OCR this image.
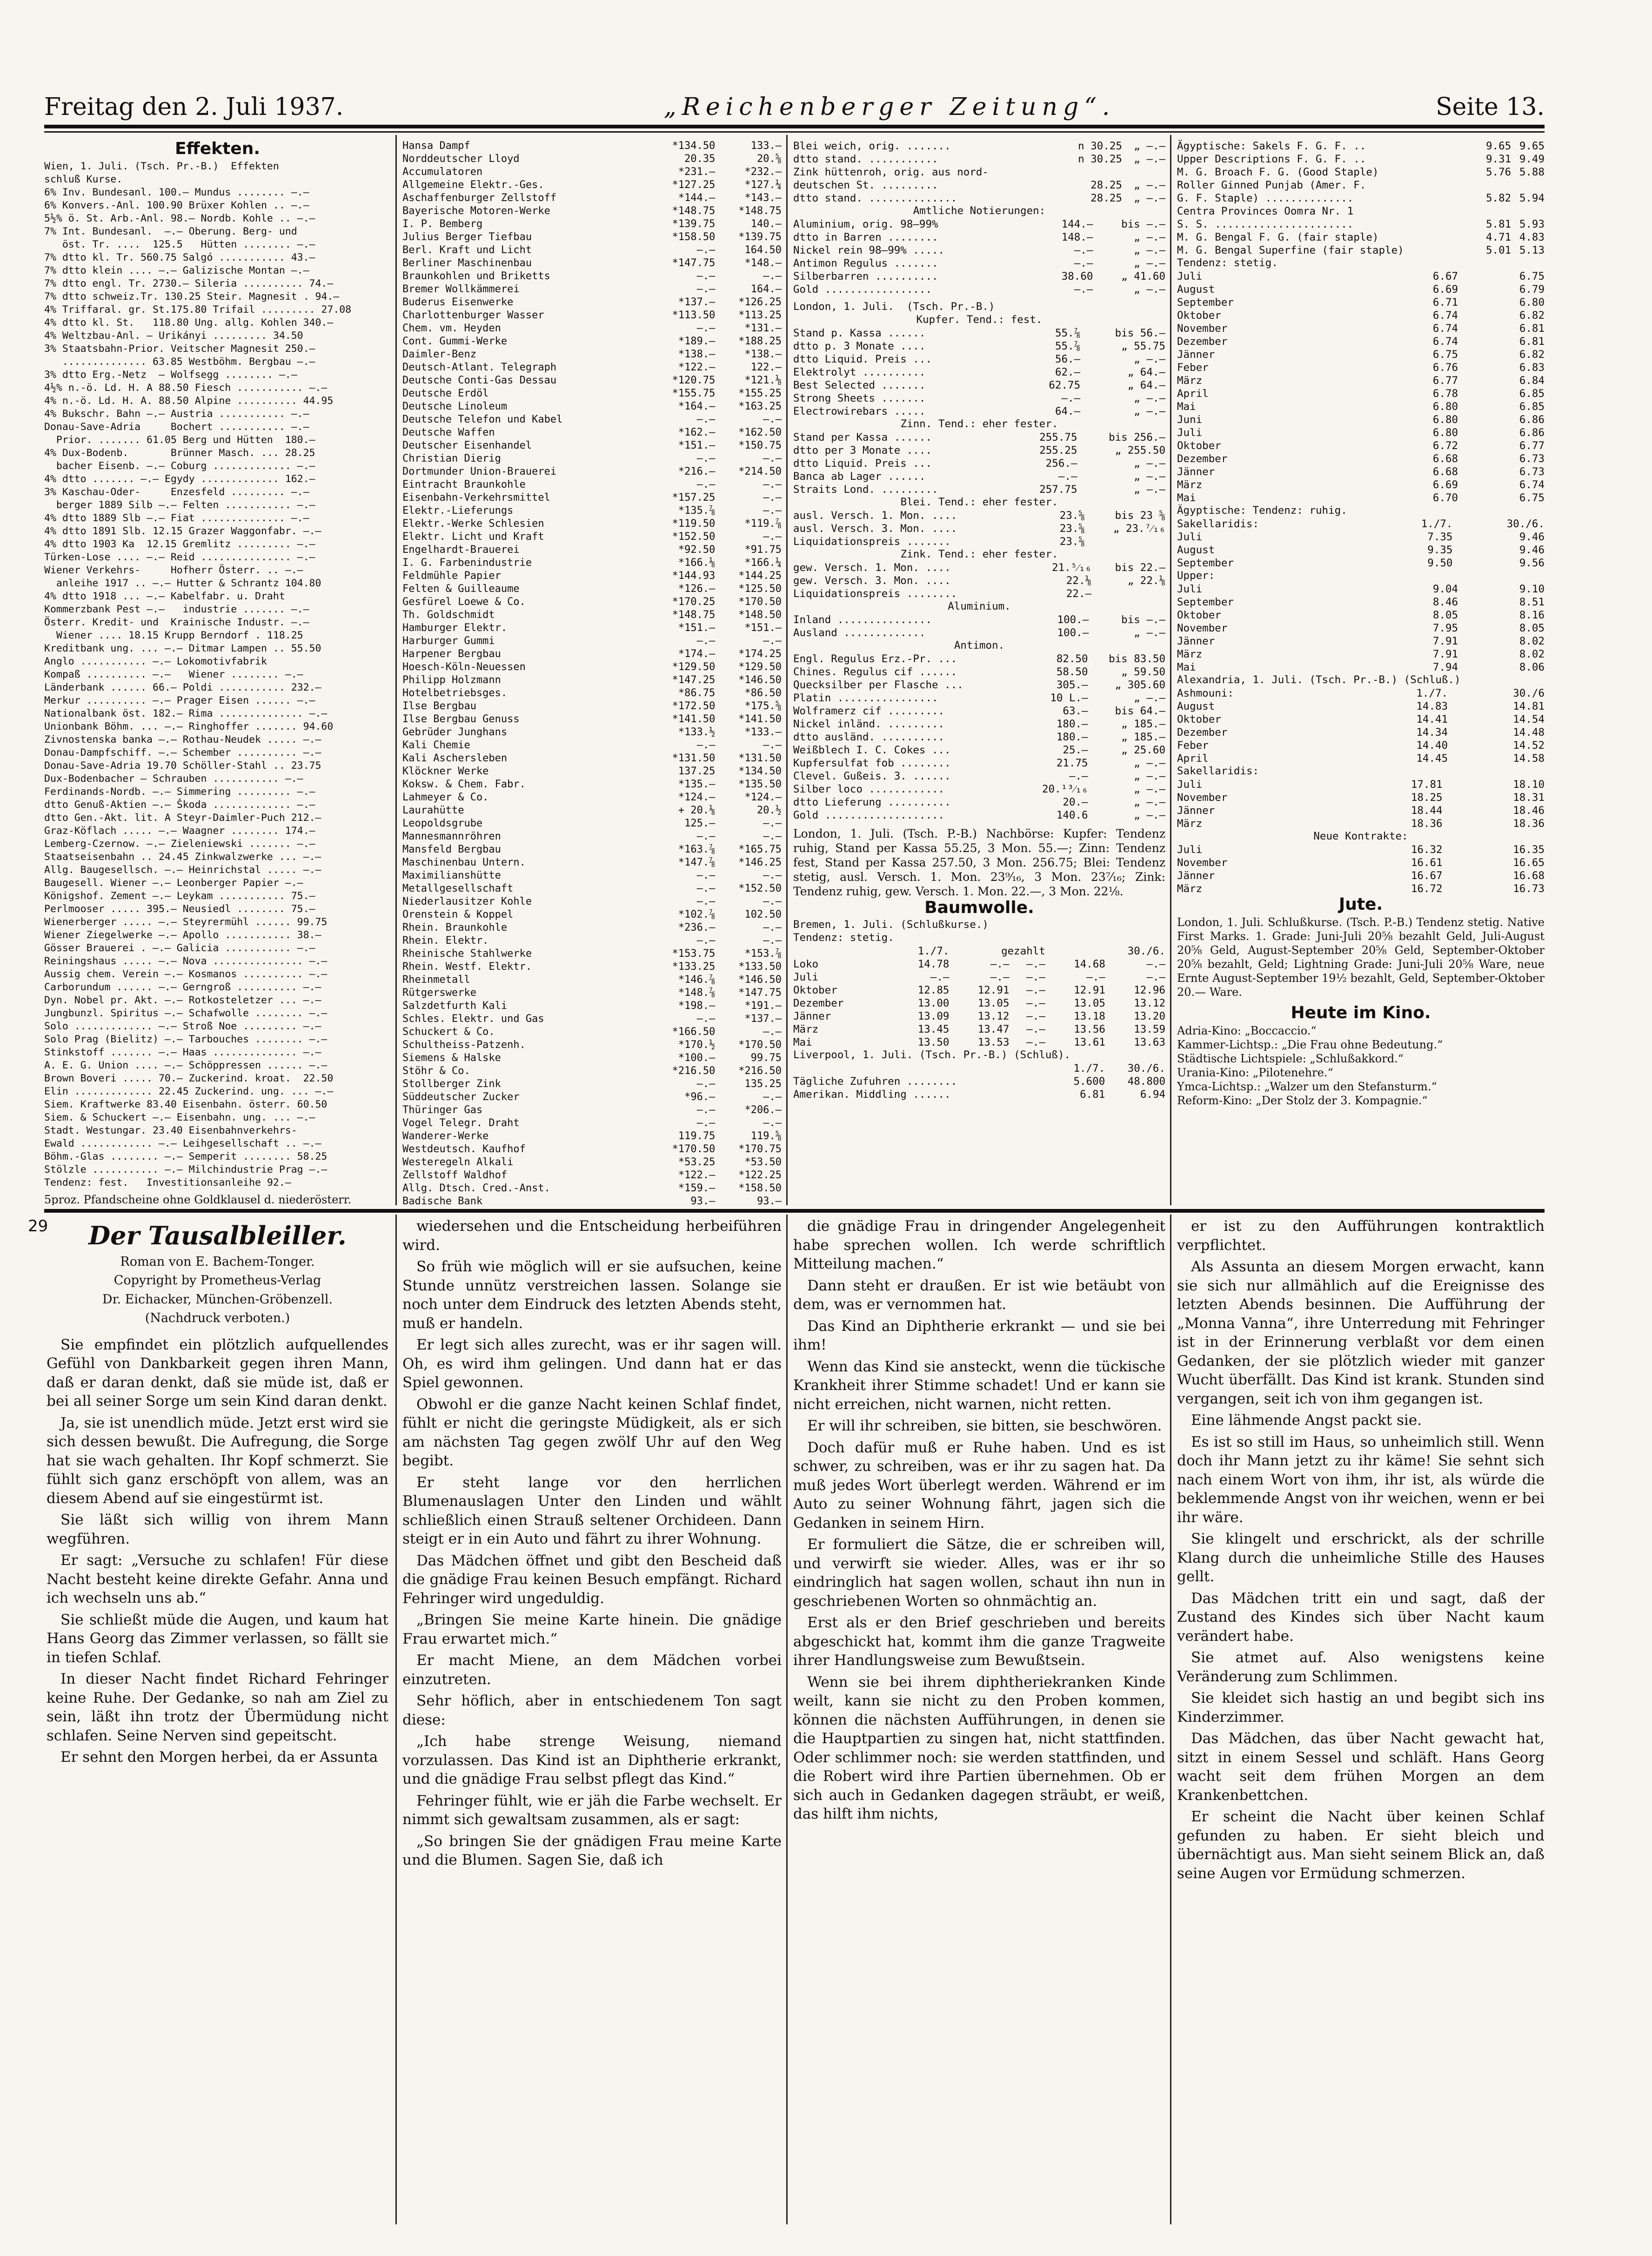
Freitag den 2. Juli 1937.	„Reichenberger Zeitung“.	Seite 13.
Effekten.
Wien, 1. Juli. (Tsch. Pr.-B.)  Effekten
schluß Kurse.
6% Inv. Bundesanl. 100.— Mundus ........ —.—
6% Konvers.-Anl. 100.90 Brüxer Kohlen .. —.—
5½% ö. St. Arb.-Anl. 98.— Nordb. Kohle .. —.—
7% Int. Bundesanl.  —.— Oberung. Berg- und
öst. Tr. ....  125.5   Hütten ........ —.—
7% dtto kl. Tr. 560.75 Salgó ........... 43.—
7% dtto klein .... —.— Galizische Montan —.—
7% dtto engl. Tr. 2730.— Sileria .......... 74.—
7% dtto schweiz.Tr. 130.25 Steir. Magnesit . 94.—
4% Triffaral. gr. St.175.80 Trifail ......... 27.08
4% dtto kl. St.   118.80 Ung. allg. Kohlen 340.—
4% Weltzbau-Anl. — Urikányi ......... 34.50
3% Staatsbahn-Prior. Veitscher Magnesit 250.—
.............. 63.85 Westböhm. Bergbau —.—
3% dtto Erg.-Netz  — Wolfsegg ........ —.—
4½% n.-ö. Ld. H. A 88.50 Fiesch ........... —.—
4% n.-ö. Ld. H. A. 88.50 Alpine .......... 44.95
4% Bukschr. Bahn —.— Austria ........... —.—
Donau-Save-Adria     Bochert ........... —.—
Prior. ....... 61.05 Berg und Hütten  180.—
4% Dux-Bodenb.       Brünner Masch. ... 28.25
bacher Eisenb. —.— Coburg ............. —.—
4% dtto ....... —.— Egydy ............. 162.—
3% Kaschau-Oder-     Enzesfeld ......... —.—
berger 1889 Silb —.— Felten ........... —.—
4% dtto 1889 Slb —.— Fiat .............. —.—
4% dtto 1891 Slb. 12.15 Grazer Waggonfabr. —.—
4% dtto 1903 Ka  12.15 Gremlitz ......... —.—
Türken-Lose .... —.— Reid ............... —.—
Wiener Verkehrs-     Hofherr Österr. .. —.—
anleihe 1917 .. —.— Hutter & Schrantz 104.80
4% dtto 1918 ... —.— Kabelfabr. u. Draht
Kommerzbank Pest —.—   industrie ....... —.—
Österr. Kredit- und  Krainische Industr. —.—
Wiener .... 18.15 Krupp Berndorf . 118.25
Kreditbank ung. ... —.— Ditmar Lampen .. 55.50
Anglo ........... —.— Lokomotivfabrik
Kompaß .......... —.—   Wiener ........ —.—
Länderbank ...... 66.— Poldi ........... 232.—
Merkur .......... —.— Prager Eisen ...... —.—
Nationalbank öst. 182.— Rima .............. —.—
Unionbank Böhm. ... —.— Ringhoffer ....... 94.60
Zivnostenska banka —.— Rothau-Neudek ..... —.—
Donau-Dampfschiff. —.— Schember .......... —.—
Donau-Save-Adria 19.70 Schöller-Stahl .. 23.75
Dux-Bodenbacher — Schrauben ........... —.—
Ferdinands-Nordb. —.— Simmering ......... —.—
dtto Genuß-Aktien —.— Škoda ............. —.—
dtto Gen.-Akt. lit. A Steyr-Daimler-Puch 212.—
Graz-Köflach ..... —.— Waagner ........ 174.—
Lemberg-Czernow. —.— Zieleniewski ....... —.—
Staatseisenbahn .. 24.45 Zinkwalzwerke ... —.—
Allg. Baugesellsch. —.— Heinrichstal ..... —.—
Baugesell. Wiener —.— Leonberger Papier —.—
Königshof. Zement —.— Leykam ........... 75.—
Perlmooser ..... 395.— Neusiedl ........ 75.—
Wienerberger ..... —.— Steyrermühl ...... 99.75
Wiener Ziegelwerke —.— Apollo ........... 38.—
Gösser Brauerei . —.— Galicia ........... —.—
Reiningshaus ..... —.— Nova ............... —.—
Aussig chem. Verein —.— Kosmanos .......... —.—
Carborundum ...... —.— Gerngroß .......... —.—
Dyn. Nobel pr. Akt. —.— Rotkosteletzer ... —.—
Jungbunzl. Spiritus —.— Schafwolle ........ —.—
Solo ............. —.— Stroß Noe ......... —.—
Solo Prag (Bielitz) —.— Tarbouches ........ —.—
Stinkstoff ....... —.— Haas .............. —.—
A. E. G. Union .... —.— Schöppressen ...... —.—
Brown Boveri ..... 70.— Zuckerind. kroat.  22.50
Elin ............. 22.45 Zuckerind. ung. ... —.—
Siem. Kraftwerke 83.40 Eisenbahn. österr. 60.50
Siem. & Schuckert —.— Eisenbahn. ung. ... —.—
Stadt. Westungar. 23.40 Eisenbahnverkehrs-
Ewald ............ —.— Leihgesellschaft .. —.—
Böhm.-Glas ........ —.— Semperit ........ 58.25
Stölzle ........... —.— Milchindustrie Prag —.—
Tendenz: fest.   Investitionsanleihe 92.—
5proz. Pfandscheine ohne Goldklausel d. niederösterr.

Hansa Dampf	*134.50	133.—
Norddeutscher Lloyd	20.35	20.⅝
Accumulatoren	*231.—	*232.—
Allgemeine Elektr.-Ges.	*127.25	*127.¼
Aschaffenburger Zellstoff	*144.—	*143.—
Bayerische Motoren-Werke	*148.75	*148.75
I. P. Bemberg	*139.75	140.—
Julius Berger Tiefbau	*158.50	*139.75
Berl. Kraft und Licht	—.—	164.50
Berliner Maschinenbau	*147.75	*148.—
Braunkohlen und Briketts	—.—	—.—
Bremer Wollkämmerei	—.—	164.—
Buderus Eisenwerke	*137.—	*126.25
Charlottenburger Wasser	*113.50	*113.25
Chem. vm. Heyden	—.—	*131.—
Cont. Gummi-Werke	*189.—	*188.25
Daimler-Benz	*138.—	*138.—
Deutsch-Atlant. Telegraph	*122.—	122.—
Deutsche Conti-Gas Dessau	*120.75	*121.⅛
Deutsche Erdöl	*155.75	*155.25
Deutsche Linoleum	*164.—	*163.25
Deutsche Telefon und Kabel	—.—	—.—
Deutsche Waffen	*162.—	*162.50
Deutscher Eisenhandel	*151.—	*150.75
Christian Dierig	—.—	—.—
Dortmunder Union-Brauerei	*216.—	*214.50
Eintracht Braunkohle	—.—	—.—
Eisenbahn-Verkehrsmittel	*157.25	—.—
Elektr.-Lieferungs	*135.⅞	—.—
Elektr.-Werke Schlesien	*119.50	*119.⅞
Elektr. Licht und Kraft	*152.50	—.—
Engelhardt-Brauerei	*92.50	*91.75
I. G. Farbenindustrie	*166.⅛	*166.¼
Feldmühle Papier	*144.93	*144.25
Felten & Guilleaume	*126.—	*125.50
Gesfürel Loewe & Co.	*170.25	*170.50
Th. Goldschmidt	*148.75	*148.50
Hamburger Elektr.	*151.—	*151.—
Harburger Gummi	—.—	—.—
Harpener Bergbau	*174.—	*174.25
Hoesch-Köln-Neuessen	*129.50	*129.50
Philipp Holzmann	*147.25	*146.50
Hotelbetriebsges.	*86.75	*86.50
Ilse Bergbau	*172.50	*175.⅝
Ilse Bergbau Genuss	*141.50	*141.50
Gebrüder Junghans	*133.½	*133.—
Kali Chemie	—.—	—.—
Kali Aschersleben	*131.50	*131.50
Klöckner Werke	137.25	*134.50
Koksw. & Chem. Fabr.	*135.—	*135.50
Lahmeyer & Co.	*124.—	*124.—
Laurahütte	+ 20.⅛	20.½
Leopoldsgrube	125.—	—.—
Mannesmannröhren	—.—	—.—
Mansfeld Bergbau	*163.⅞	*165.75
Maschinenbau Untern.	*147.⅞	*146.25
Maximilianshütte	—.—	—.—
Metallgesellschaft	—.—	*152.50
Niederlausitzer Kohle	—.—	—.—
Orenstein & Koppel	*102.⅞	102.50
Rhein. Braunkohle	*236.—	—.—
Rhein. Elektr.	—.—	—.—
Rheinische Stahlwerke	*153.75	*153.⅞
Rhein. Westf. Elektr.	*133.25	*133.50
Rheinmetall	*146.⅞	*146.50
Rütgerswerke	*148.⅞	*147.75
Salzdetfurth Kali	*198.—	*191.—
Schles. Elektr. und Gas	—.—	*137.—
Schuckert & Co.	*166.50	—.—
Schultheiss-Patzenh.	*170.½	*170.50
Siemens & Halske	*100.—	99.75
Stöhr & Co.	*216.50	*216.50
Stollberger Zink	—.—	135.25
Süddeutscher Zucker	*96.—	—.—
Thüringer Gas	—.—	*206.—
Vogel Telegr. Draht	—.—	—.—
Wanderer-Werke	119.75	119.⅝
Westdeutsch. Kaufhof	*170.50	*170.75
Westeregeln Alkali	*53.25	*53.50
Zellstoff Waldhof	*122.—	*122.25
Allg. Dtsch. Cred.-Anst.	*159.—	*158.50
Badische Bank	93.—	93.—

Blei weich, orig. .......	n 30.25	„ —.—
dtto stand. ...........	n 30.25	„ —.—
Zink hüttenroh, orig. aus nord-		
deutschen St. .........	28.25	„ —.—
dtto stand. ..............	28.25	„ —.—
Amtliche Notierungen:
Aluminium, orig. 98—99%	144.—	bis —.—
dtto in Barren ........	148.—	„ —.—
Nickel rein 98—99% .....	—.—	„ —.—
Antimon Regulus .......	—.—	„ —.—
Silberbarren ..........	38.60	„ 41.60
Gold .................	—.—	„ —.—
London, 1. Juli.  (Tsch. Pr.-B.)
Kupfer. Tend.: fest.
Stand p. Kassa ......	55.⅞	bis 56.—
dtto p. 3 Monate ....	55.⅞	„ 55.75
dtto Liquid. Preis ...	56.—	„ —.—
Elektrolyt ..........	62.—	„ 64.—
Best Selected .......	62.75	„ 64.—
Strong Sheets .......	—.—	„ —.—
Electrowirebars .....	64.—	„ —.—
Zinn. Tend.: eher fester.
Stand per Kassa ......	255.75	bis 256.—
dtto per 3 Monate ....	255.25	„ 255.50
dtto Liquid. Preis ...	256.—	„ —.—
Banca ab Lager ......	—.—	„ —.—
Straits Lond. .........	257.75	„ —.—
Blei. Tend.: eher fester.
ausl. Versch. 1. Mon. ....	23.⅝	bis 23 ⅝
ausl. Versch. 3. Mon. ....	23.⅝	„ 23.⁷⁄₁₆
Liquidationspreis .......	23.⅝	
Zink. Tend.: eher fester.
gew. Versch. 1. Mon. ....	21.⁵⁄₁₆	bis 22.—
gew. Versch. 3. Mon. ....	22.⅛	„ 22.⅛
Liquidationspreis ........	22.—	
Aluminium.
Inland ...............	100.—	bis —.—
Ausland .............	100.—	„ —.—
Antimon.
Engl. Regulus Erz.-Pr. ...	82.50	bis 83.50
Chines. Regulus cif ......	58.50	„ 59.50
Quecksilber per Flasche ...	305.—	„ 305.60
Platin ................	10 L.—	„ —.—
Wolframerz cif .........	63.—	bis 64.—
Nickel inländ. .........	180.—	„ 185.—
dtto ausländ. ..........	180.—	„ 185.—
Weißblech I. C. Cokes ...	25.—	„ 25.60
Kupfersulfat fob ........	21.75	„ —.—
Clevel. Gußeis. 3. ......	—.—	„ —.—
Silber loco ............	20.¹³⁄₁₆	„ —.—
dtto Lieferung ..........	20.—	„ —.—
Gold ...................	140.6	„ —.—
London, 1. Juli. (Tsch. P.-B.) Nachbörse: Kupfer: Tendenz ruhig, Stand per Kassa 55.25, 3 Mon. 55.—; Zinn: Tendenz fest, Stand per Kassa 257.50, 3 Mon. 256.75; Blei: Tendenz stetig, ausl. Versch. 1. Mon. 23⁹⁄₁₆, 3 Mon. 23⁷⁄₁₆; Zink: Tendenz ruhig, gew. Versch. 1. Mon. 22.—, 3 Mon. 22⅛.
Baumwolle.
Bremen, 1. Juli. (Schlußkurse.)
Tendenz: stetig.
	1./7.	gezahlt		30./6.	
Loko	14.78	—.—	—.—	14.68	—.—
Juli	—.—	—.—	—.—	—.—	—.—
Oktober	12.85	12.91	—.—	12.91	12.96
Dezember	13.00	13.05	—.—	13.05	13.12
Jänner	13.09	13.12	—.—	13.18	13.20
März	13.45	13.47	—.—	13.56	13.59
Mai	13.50	13.53	—.—	13.61	13.63
Liverpool, 1. Juli. (Tsch. Pr.-B.) (Schluß).
	1./7.	30./6.
Tägliche Zufuhren ........	5.600	48.800
Amerikan. Middling ......	6.81	6.94
Ägyptische: Sakels F. G. F. ..	9.65	9.65
Upper Descriptions F. G. F. ..	9.31	9.49
M. G. Broach F. G. (Good Staple)	5.76	5.88
Roller Ginned Punjab (Amer. F.		
G. F. Staple) ..............	5.82	5.94
Centra Provinces Oomra Nr. 1		
S. S. ......................	5.81	5.93
M. G. Bengal F. G. (fair staple)	4.71	4.83
M. G. Bengal Superfine (fair staple)	5.01	5.13
Tendenz: stetig.
Juli	6.67	6.75
August	6.69	6.79
September	6.71	6.80
Oktober	6.74	6.82
November	6.74	6.81
Dezember	6.74	6.81
Jänner	6.75	6.82
Feber	6.76	6.83
März	6.77	6.84
April	6.78	6.85
Mai	6.80	6.85
Juni	6.80	6.86
Juli	6.80	6.86
Oktober	6.72	6.77
Dezember	6.68	6.73
Jänner	6.68	6.73
März	6.69	6.74
Mai	6.70	6.75
Ägyptische: Tendenz: ruhig.
Sakellaridis:	1./7.	30./6.
Juli	7.35	9.46
August	9.35	9.46
September	9.50	9.56
Upper:
Juli	9.04	9.10
September	8.46	8.51
Oktober	8.05	8.16
November	7.95	8.05
Jänner	7.91	8.02
März	7.91	8.02
Mai	7.94	8.06
Alexandria, 1. Juli. (Tsch. Pr.-B.) (Schluß.)
Ashmouni:	1./7.	30./6
August	14.83	14.81
Oktober	14.41	14.54
Dezember	14.34	14.48
Feber	14.40	14.52
April	14.45	14.58
Sakellaridis:
Juli	17.81	18.10
November	18.25	18.31
Jänner	18.44	18.46
März	18.36	18.36
Neue Kontrakte:
Juli	16.32	16.35
November	16.61	16.65
Jänner	16.67	16.68
März	16.72	16.73
Jute.
London, 1. Juli. Schlußkurse. (Tsch. P.-B.) Tendenz stetig. Native First Marks. 1. Grade: Juni-Juli 20⅝ bezahlt Geld, Juli-August 20⅝ Geld, August-September 20⅝ Geld, September-Oktober 20⅝ bezahlt, Geld; Lightning Grade: Juni-Juli 20⅝ Ware, neue Ernte August-September 19½ bezahlt, Geld, September-Oktober 20.— Ware.
Heute im Kino.
Adria-Kino: „Boccaccio.“
Kammer-Lichtsp.: „Die Frau ohne Bedeutung.“
Städtische Lichtspiele: „Schlußakkord.“
Urania-Kino: „Pilotenehre.“
Ymca-Lichtsp.: „Walzer um den Stefansturm.“
Reform-Kino: „Der Stolz der 3. Kompagnie.“
29	Der Tausalbleiller.
Roman von E. Bachem-Tonger.
Copyright by Prometheus-Verlag
Dr. Eichacker, München-Gröbenzell.
(Nachdruck verboten.)

Sie empfindet ein plötzlich aufquellendes Gefühl von Dankbarkeit gegen ihren Mann, daß er daran denkt, daß sie müde ist, daß er bei all seiner Sorge um sein Kind daran denkt.

Ja, sie ist unendlich müde. Jetzt erst wird sie sich dessen bewußt. Die Aufregung, die Sorge hat sie wach gehalten. Ihr Kopf schmerzt. Sie fühlt sich ganz erschöpft von allem, was an diesem Abend auf sie eingestürmt ist.

Sie läßt sich willig von ihrem Mann wegführen.

Er sagt: „Versuche zu schlafen! Für diese Nacht besteht keine direkte Gefahr. Anna und ich wechseln uns ab.“

Sie schließt müde die Augen, und kaum hat Hans Georg das Zimmer verlassen, so fällt sie in tiefen Schlaf.

In dieser Nacht findet Richard Fehringer keine Ruhe. Der Gedanke, so nah am Ziel zu sein, läßt ihn trotz der Übermüdung nicht schlafen. Seine Nerven sind gepeitscht.

Er sehnt den Morgen herbei, da er Assunta

wiedersehen und die Entscheidung herbeiführen wird.

So früh wie möglich will er sie aufsuchen, keine Stunde unnütz verstreichen lassen. Solange sie noch unter dem Eindruck des letzten Abends steht, muß er handeln.

Er legt sich alles zurecht, was er ihr sagen will. Oh, es wird ihm gelingen. Und dann hat er das Spiel gewonnen.

Obwohl er die ganze Nacht keinen Schlaf findet, fühlt er nicht die geringste Müdigkeit, als er sich am nächsten Tag gegen zwölf Uhr auf den Weg begibt.

Er steht lange vor den herrlichen Blumenauslagen Unter den Linden und wählt schließlich einen Strauß seltener Orchideen. Dann steigt er in ein Auto und fährt zu ihrer Wohnung.

Das Mädchen öffnet und gibt den Bescheid daß die gnädige Frau keinen Besuch empfängt. Richard Fehringer wird ungeduldig.

„Bringen Sie meine Karte hinein. Die gnädige Frau erwartet mich.“

Er macht Miene, an dem Mädchen vorbei einzutreten.

Sehr höflich, aber in entschiedenem Ton sagt diese:

„Ich habe strenge Weisung, niemand vorzulassen. Das Kind ist an Diphtherie erkrankt, und die gnädige Frau selbst pflegt das Kind.“

Fehringer fühlt, wie er jäh die Farbe wechselt. Er nimmt sich gewaltsam zusammen, als er sagt:

„So bringen Sie der gnädigen Frau meine Karte und die Blumen. Sagen Sie, daß ich

die gnädige Frau in dringender Angelegenheit habe sprechen wollen. Ich werde schriftlich Mitteilung machen.“

Dann steht er draußen. Er ist wie betäubt von dem, was er vernommen hat.

Das Kind an Diphtherie erkrankt — und sie bei ihm!

Wenn das Kind sie ansteckt, wenn die tückische Krankheit ihrer Stimme schadet! Und er kann sie nicht erreichen, nicht warnen, nicht retten.

Er will ihr schreiben, sie bitten, sie beschwören.

Doch dafür muß er Ruhe haben. Und es ist schwer, zu schreiben, was er ihr zu sagen hat. Da muß jedes Wort überlegt werden. Während er im Auto zu seiner Wohnung fährt, jagen sich die Gedanken in seinem Hirn.

Er formuliert die Sätze, die er schreiben will, und verwirft sie wieder. Alles, was er ihr so eindringlich hat sagen wollen, schaut ihn nun in geschriebenen Worten so ohnmächtig an.

Erst als er den Brief geschrieben und bereits abgeschickt hat, kommt ihm die ganze Tragweite ihrer Handlungsweise zum Bewußtsein.

Wenn sie bei ihrem diphtheriekranken Kinde weilt, kann sie nicht zu den Proben kommen, können die nächsten Aufführungen, in denen sie die Hauptpartien zu singen hat, nicht stattfinden. Oder schlimmer noch: sie werden stattfinden, und die Robert wird ihre Partien übernehmen. Ob er sich auch in Gedanken dagegen sträubt, er weiß, das hilft ihm nichts,

er ist zu den Aufführungen kontraktlich verpflichtet.

Als Assunta an diesem Morgen erwacht, kann sie sich nur allmählich auf die Ereignisse des letzten Abends besinnen. Die Aufführung der „Monna Vanna“, ihre Unterredung mit Fehringer ist in der Erinnerung verblaßt vor dem einen Gedanken, der sie plötzlich wieder mit ganzer Wucht überfällt. Das Kind ist krank. Stunden sind vergangen, seit ich von ihm gegangen ist.

Eine lähmende Angst packt sie.

Es ist so still im Haus, so unheimlich still. Wenn doch ihr Mann jetzt zu ihr käme! Sie sehnt sich nach einem Wort von ihm, ihr ist, als würde die beklemmende Angst von ihr weichen, wenn er bei ihr wäre.

Sie klingelt und erschrickt, als der schrille Klang durch die unheimliche Stille des Hauses gellt.

Das Mädchen tritt ein und sagt, daß der Zustand des Kindes sich über Nacht kaum verändert habe.

Sie atmet auf. Also wenigstens keine Veränderung zum Schlimmen.

Sie kleidet sich hastig an und begibt sich ins Kinderzimmer.

Das Mädchen, das über Nacht gewacht hat, sitzt in einem Sessel und schläft. Hans Georg wacht seit dem frühen Morgen an dem Krankenbettchen.

Er scheint die Nacht über keinen Schlaf gefunden zu haben. Er sieht bleich und übernächtigt aus. Man sieht seinem Blick an, daß seine Augen vor Ermüdung schmerzen.
